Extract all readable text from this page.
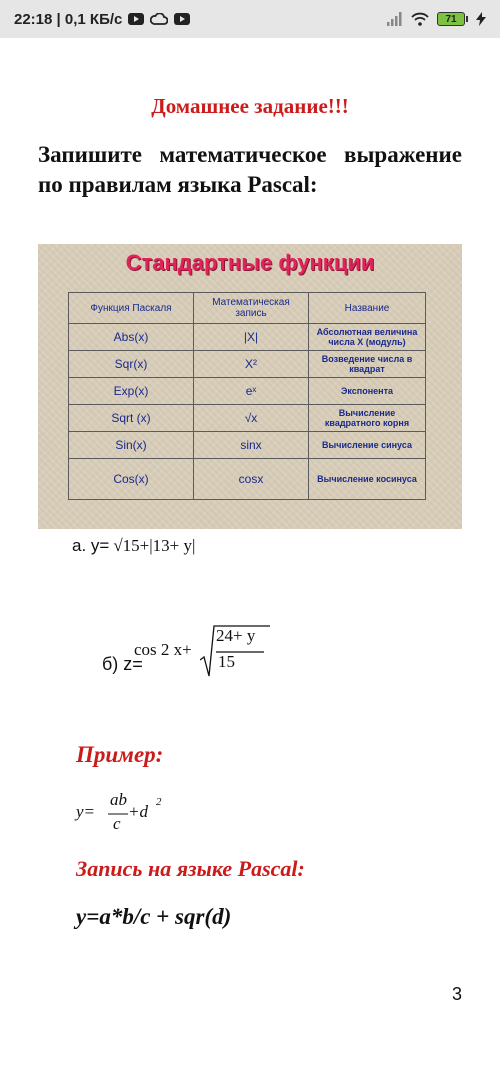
22:18 | 0,1 КБ/с	71
Домашнее задание!!!
Запишите математическое выражение по правилам языка Pascal:
Стандартные функции
Функция Паскаля	Математическая запись	Название
Abs(x)	|X|	Абсолютная величина числа Х (модуль)
Sqr(x)	X²	Возведение числа в квадрат
Exp(x)	eˣ	Экспонента
Sqrt (x)	√x	Вычисление квадратного корня
Sin(x)	sinx	Вычисление синуса
Cos(x)	cosx	Вычисление косинуса
а. у= √15+|13+ y|
б) z=
cos 2 x+
24+ y
15
Пример:
y=
ab
c
+d 2
Запись на языке Pascal:
y=a*b/c + sqr(d)
3
